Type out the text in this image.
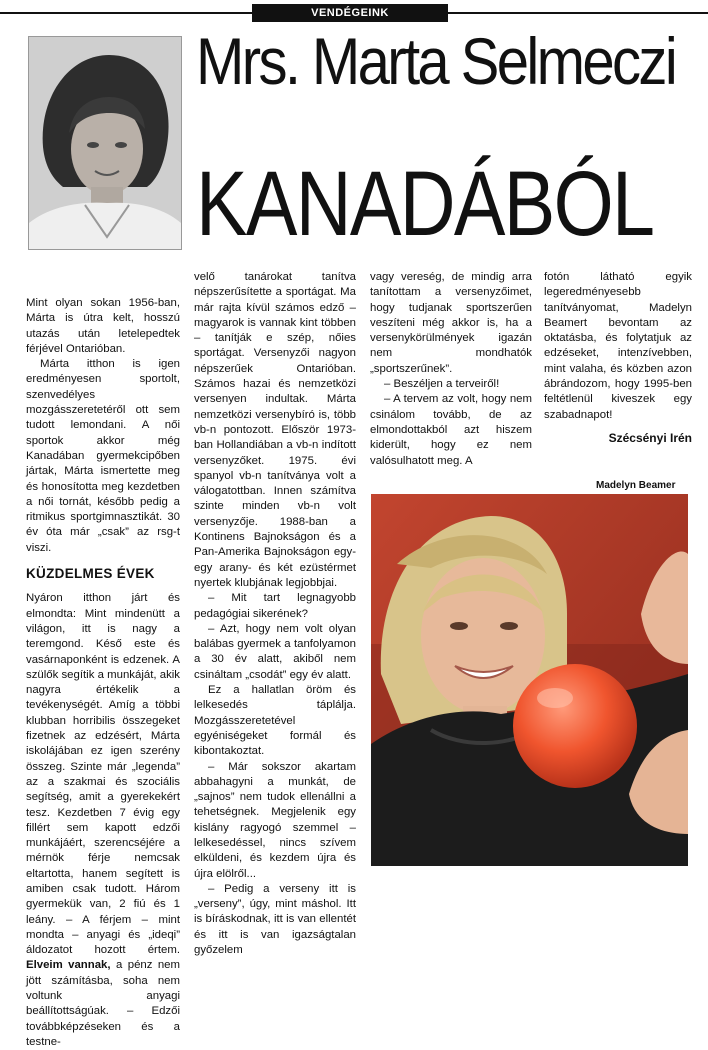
VENDÉGEINK
Mrs. Marta Selmeczi
KANADÁBÓL

Mint olyan sokan 1956-ban, Márta is útra kelt, hosszú utazás után letelepedtek férjével Ontarióban.

Márta itthon is igen eredményesen sportolt, szenvedélyes mozgásszeretetéről ott sem tudott lemondani. A női sportok akkor még Kanadában gyermekcipőben jártak, Márta ismertette meg és honosította meg kezdetben a női tornát, később pedig a ritmikus sportgimnasztikát. 30 év óta már „csak” az rsg-t viszi.

KÜZDELMES ÉVEK

Nyáron itthon járt és elmondta: Mint mindenütt a világon, itt is nagy a teremgond. Késő este és vasárnaponként is edzenek. A szülők segítik a munkáját, akik nagyra értékelik a tevékenységét. Amíg a többi klubban horribilis összegeket fizetnek az edzésért, Márta iskolájában ez igen szerény összeg. Szinte már „legenda” az a szakmai és szociális segítség, amit a gyerekekért tesz. Kezdetben 7 évig egy fillért sem kapott edzői munkájáért, szerencséjére a mérnök férje nemcsak eltartotta, hanem segített is amiben csak tudott. Három gyermekük van, 2 fiú és 1 leány. – A férjem – mint mondta – anyagi és „ideqi” áldozatot hozott értem. Elveim vannak, a pénz nem jött számításba, soha nem voltunk anyagi beállítottságúak. – Edzői továbbképzéseken és a testne-

velő tanárokat tanítva népszerűsítette a sportágat. Ma már rajta kívül számos edző – magyarok is vannak kint többen – tanítják e szép, nőies sportágat. Versenyzői nagyon népszerűek Ontarióban. Számos hazai és nemzetközi versenyen indultak. Márta nemzetközi versenybíró is, több vb-n pontozott. Először 1973-ban Hollandiában a vb-n indított versenyzőket. 1975. évi spanyol vb-n tanítványa volt a válogatottban. Innen számítva szinte minden vb-n volt versenyzője. 1988-ban a Kontinens Bajnokságon és a Pan-Amerika Bajnokságon egy-egy arany- és két ezüstérmet nyertek klubjának legjobbjai.

– Mit tart legnagyobb pedagógiai sikerének?

– Azt, hogy nem volt olyan balábas gyermek a tanfolyamon a 30 év alatt, akiből nem csináltam „csodát” egy év alatt.

Ez a hallatlan öröm és lelkesedés táplálja. Mozgásszeretetével egyéniségeket formál és kibontakoztat.

– Már sokszor akartam abbahagyni a munkát, de „sajnos” nem tudok ellenállni a tehetségnek. Megjelenik egy kislány ragyogó szemmel – lelkesedéssel, nincs szívem elküldeni, és kezdem újra és újra elölről...

– Pedig a verseny itt is „verseny”, úgy, mint máshol. Itt is bíráskodnak, itt is van ellentét és itt is van igazságtalan győzelem

vagy vereség, de mindig arra tanítottam a versenyzőimet, hogy tudjanak sportszerűen veszíteni még akkor is, ha a versenykörülmények igazán nem mondhatók „sportszerűnek”.

– Beszéljen a terveiről!

– A tervem az volt, hogy nem csinálom tovább, de az elmondottakból azt hiszem kiderült, hogy ez nem valósulhatott meg. A

fotón látható egyik legeredményesebb tanítványomat, Madelyn Beamert bevontam az oktatásba, és folytatjuk az edzéseket, intenzívebben, mint valaha, és közben azon ábrándozom, hogy 1995-ben feltétlenül kiveszek egy szabadnapot!

Szécsényi Irén

Madelyn Beamer
